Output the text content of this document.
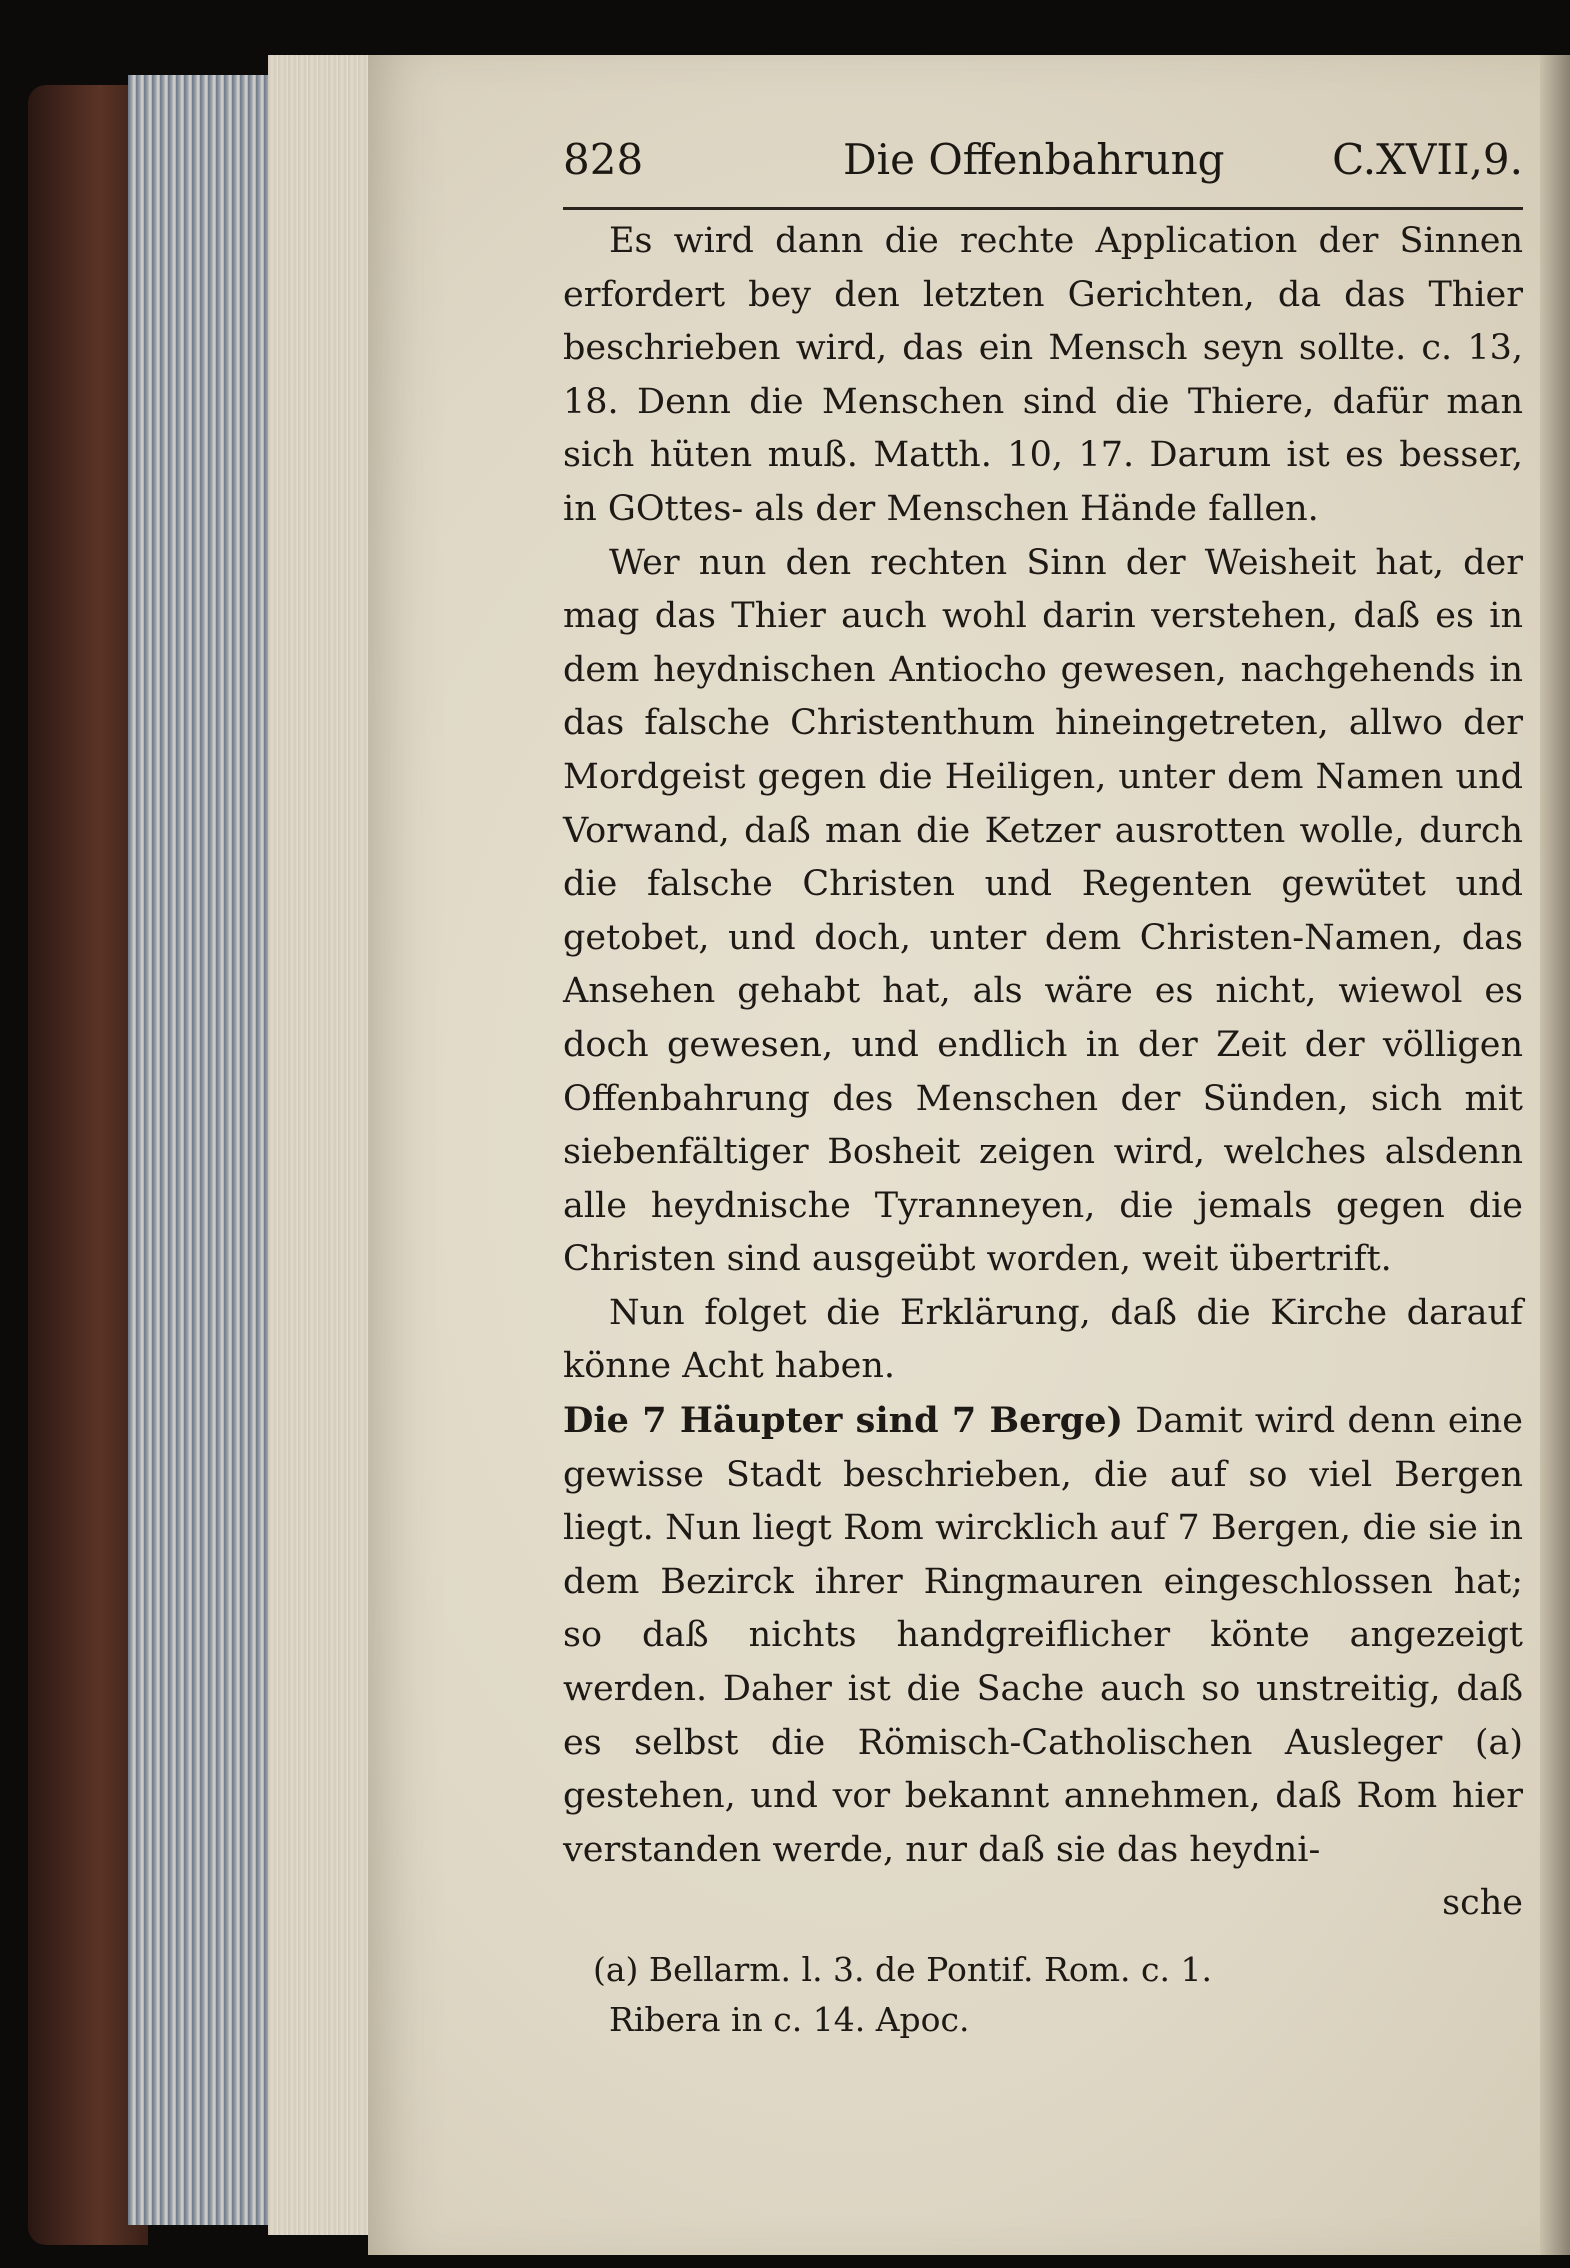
828	Die Offenbahrung	C.XVII,9.

Es wird dann die rechte Application der Sinnen erfordert bey den letzten Gerichten, da das Thier beschrieben wird, das ein Mensch seyn sollte. c. 13, 18. Denn die Menschen sind die Thiere, dafür man sich hüten muß. Matth. 10, 17. Darum ist es besser, in GOttes- als der Menschen Hände fallen.

Wer nun den rechten Sinn der Weisheit hat, der mag das Thier auch wohl darin verstehen, daß es in dem heydnischen Antiocho gewesen, nachgehends in das falsche Christenthum hineingetreten, allwo der Mordgeist gegen die Heiligen, unter dem Namen und Vorwand, daß man die Ketzer ausrotten wolle, durch die falsche Christen und Regenten gewütet und getobet, und doch, unter dem Christen-Namen, das Ansehen gehabt hat, als wäre es nicht, wiewol es doch gewesen, und endlich in der Zeit der völligen Offenbahrung des Menschen der Sünden, sich mit siebenfältiger Bosheit zeigen wird, welches alsdenn alle heydnische Tyranneyen, die jemals gegen die Christen sind ausgeübt worden, weit übertrift.

Nun folget die Erklärung, daß die Kirche darauf könne Acht haben.

Die 7 Häupter sind 7 Berge) Damit wird denn eine gewisse Stadt beschrieben, die auf so viel Bergen liegt. Nun liegt Rom wircklich auf 7 Bergen, die sie in dem Bezirck ihrer Ringmauren eingeschlossen hat; so daß nichts handgreiflicher könte angezeigt werden. Daher ist die Sache auch so unstreitig, daß es selbst die Römisch-Catholischen Ausleger (a) gestehen, und vor bekannt annehmen, daß Rom hier verstanden werde, nur daß sie das heydni-

sche

(a) Bellarm. l. 3. de Pontif. Rom. c. 1.

Ribera in c. 14. Apoc.
